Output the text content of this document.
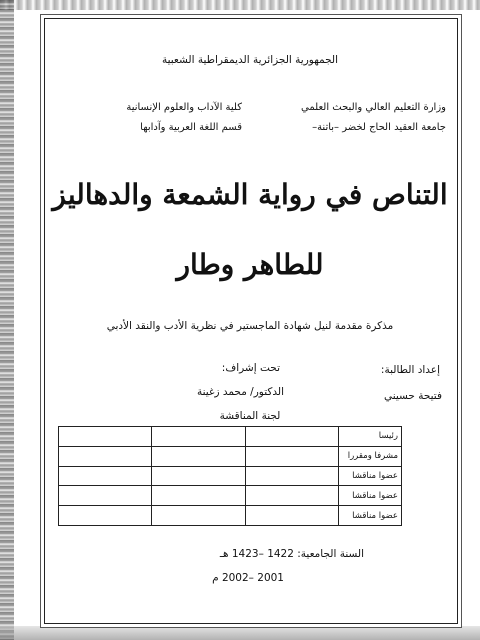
الجمهورية الجزائرية الديمقراطية الشعبية
وزارة التعليم العالي والبحث العلمي
جامعة العقيد الحاج لخضر –باتنة–
كلية الآداب والعلوم الإنسانية
قسم اللغة العربية وآدابها
التناص في رواية الشمعة والدهاليز
للطاهر وطار
مذكرة مقدمة لنيل شهادة الماجستير في نظرية الأدب والنقد الأدبي
إعداد الطالبة:
فتيحة حسيني
تحت إشراف:
الدكتور/ محمد زغينة
لجنة المناقشة
رئيسا			
مشرفا ومقررا			
عضوا مناقشا			
عضوا مناقشا			
عضوا مناقشا			
السنة الجامعية: 1422 –1423 هـ
2001 –2002 م
